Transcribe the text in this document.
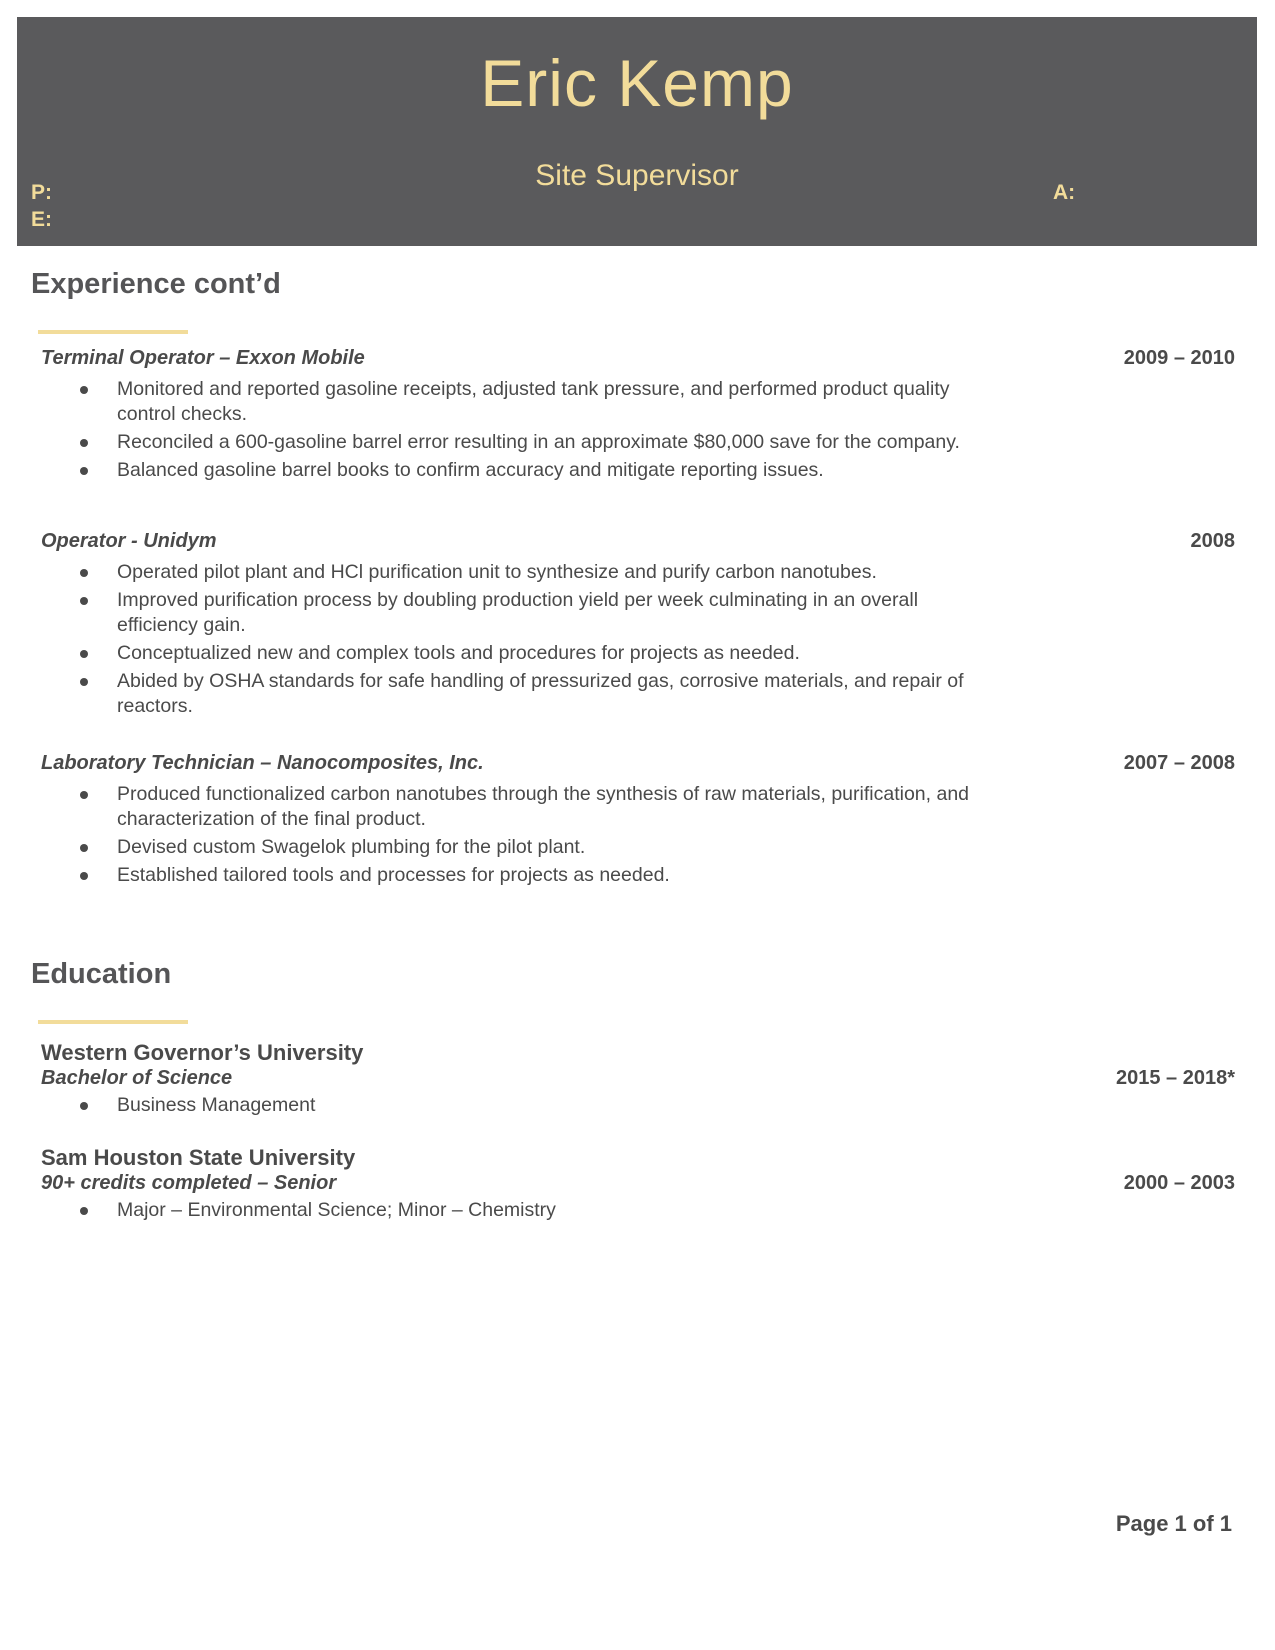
Eric Kemp
Site Supervisor
P:
E:
A:
Experience cont’d
Terminal Operator – Exxon Mobile	2009 – 2010
Monitored and reported gasoline receipts, adjusted tank pressure, and performed product quality control checks.
Reconciled a 600-gasoline barrel error resulting in an approximate $80,000 save for the company.
Balanced gasoline barrel books to confirm accuracy and mitigate reporting issues.
Operator - Unidym	2008
Operated pilot plant and HCl purification unit to synthesize and purify carbon nanotubes.
Improved purification process by doubling production yield per week culminating in an overall efficiency gain.
Conceptualized new and complex tools and procedures for projects as needed.
Abided by OSHA standards for safe handling of pressurized gas, corrosive materials, and repair of reactors.
Laboratory Technician – Nanocomposites, Inc.	2007 – 2008
Produced functionalized carbon nanotubes through the synthesis of raw materials, purification, and characterization of the final product.
Devised custom Swagelok plumbing for the pilot plant.
Established tailored tools and processes for projects as needed.
Education
Western Governor’s University
Bachelor of Science	2015 – 2018*
Business Management
Sam Houston State University
90+ credits completed – Senior	2000 – 2003
Major – Environmental Science; Minor – Chemistry
Page 1 of 1
